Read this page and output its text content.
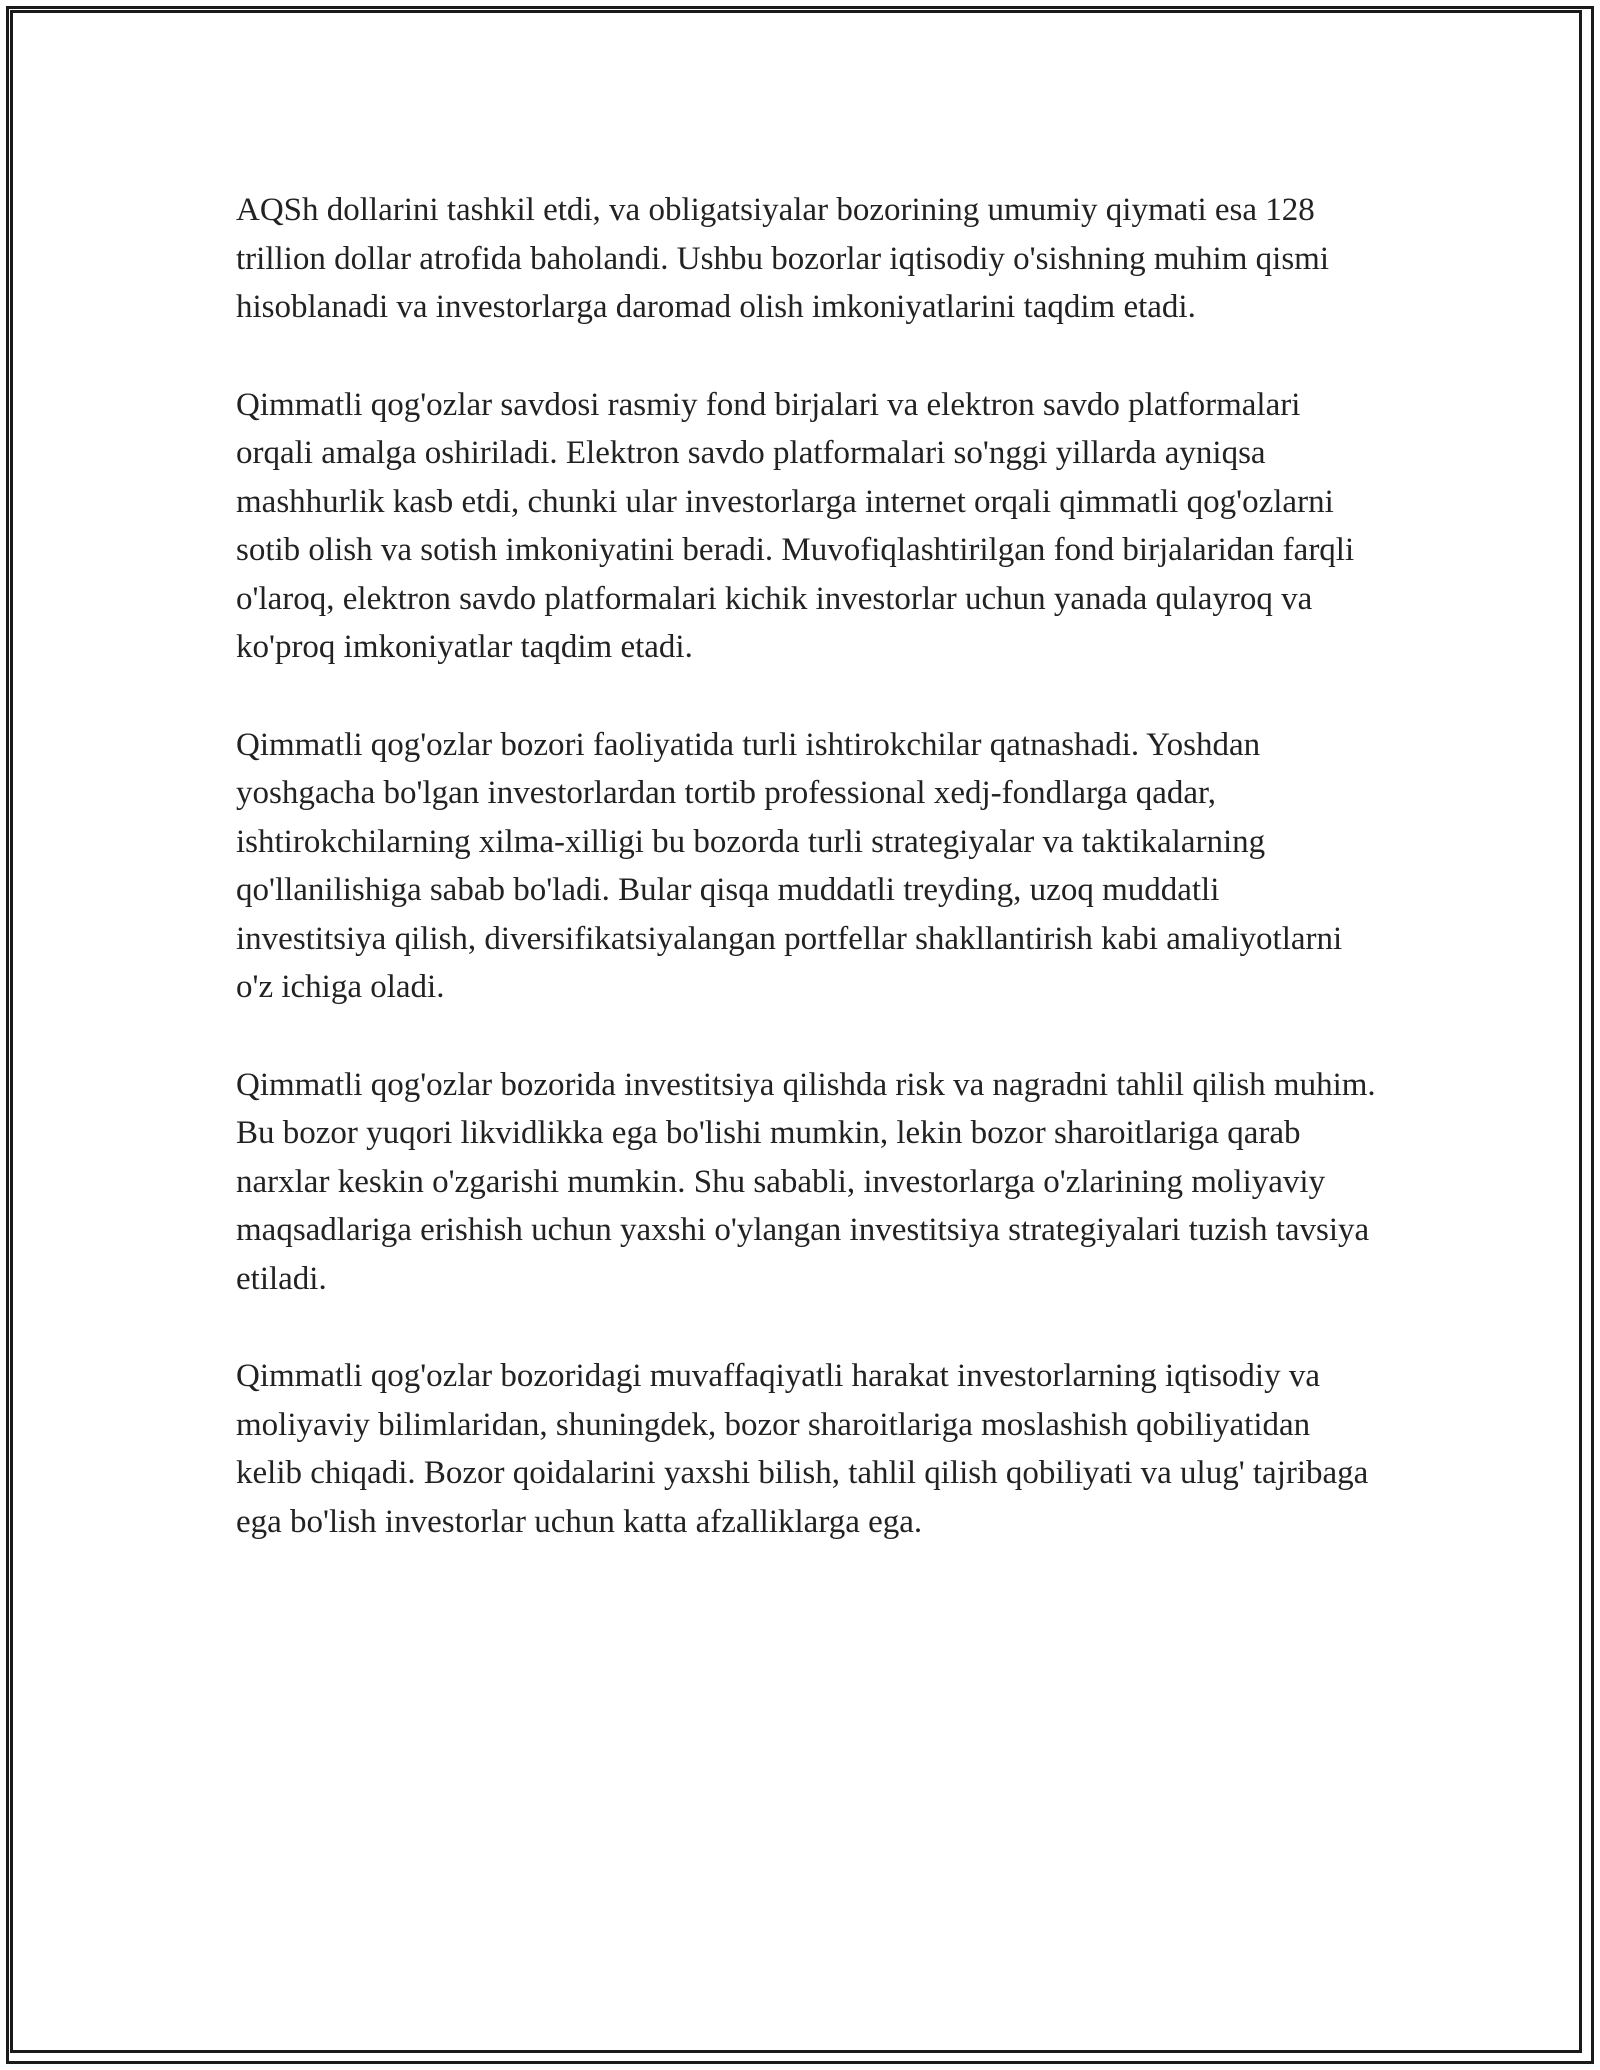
AQSh dollarini tashkil etdi, va obligatsiyalar bozorining umumiy qiymati esa 128 trillion dollar atrofida baholandi. Ushbu bozorlar iqtisodiy o'sishning muhim qismi hisoblanadi va investorlarga daromad olish imkoniyatlarini taqdim etadi.

Qimmatli qog'ozlar savdosi rasmiy fond birjalari va elektron savdo platformalari orqali amalga oshiriladi. Elektron savdo platformalari so'nggi yillarda ayniqsa mashhurlik kasb etdi, chunki ular investorlarga internet orqali qimmatli qog'ozlarni sotib olish va sotish imkoniyatini beradi. Muvofiqlashtirilgan fond birjalaridan farqli o'laroq, elektron savdo platformalari kichik investorlar uchun yanada qulayroq va ko'proq imkoniyatlar taqdim etadi.

Qimmatli qog'ozlar bozori faoliyatida turli ishtirokchilar qatnashadi. Yoshdan yoshgacha bo'lgan investorlardan tortib professional xedj-fondlarga qadar, ishtirokchilarning xilma-xilligi bu bozorda turli strategiyalar va taktikalarning qo'llanilishiga sabab bo'ladi. Bular qisqa muddatli treyding, uzoq muddatli investitsiya qilish, diversifikatsiyalangan portfellar shakllantirish kabi amaliyotlarni o'z ichiga oladi.

Qimmatli qog'ozlar bozorida investitsiya qilishda risk va nagradni tahlil qilish muhim. Bu bozor yuqori likvidlikka ega bo'lishi mumkin, lekin bozor sharoitlariga qarab narxlar keskin o'zgarishi mumkin. Shu sababli, investorlarga o'zlarining moliyaviy maqsadlariga erishish uchun yaxshi o'ylangan investitsiya strategiyalari tuzish tavsiya etiladi.

Qimmatli qog'ozlar bozoridagi muvaffaqiyatli harakat investorlarning iqtisodiy va moliyaviy bilimlaridan, shuningdek, bozor sharoitlariga moslashish qobiliyatidan kelib chiqadi. Bozor qoidalarini yaxshi bilish, tahlil qilish qobiliyati va ulug' tajribaga ega bo'lish investorlar uchun katta afzalliklarga ega.
